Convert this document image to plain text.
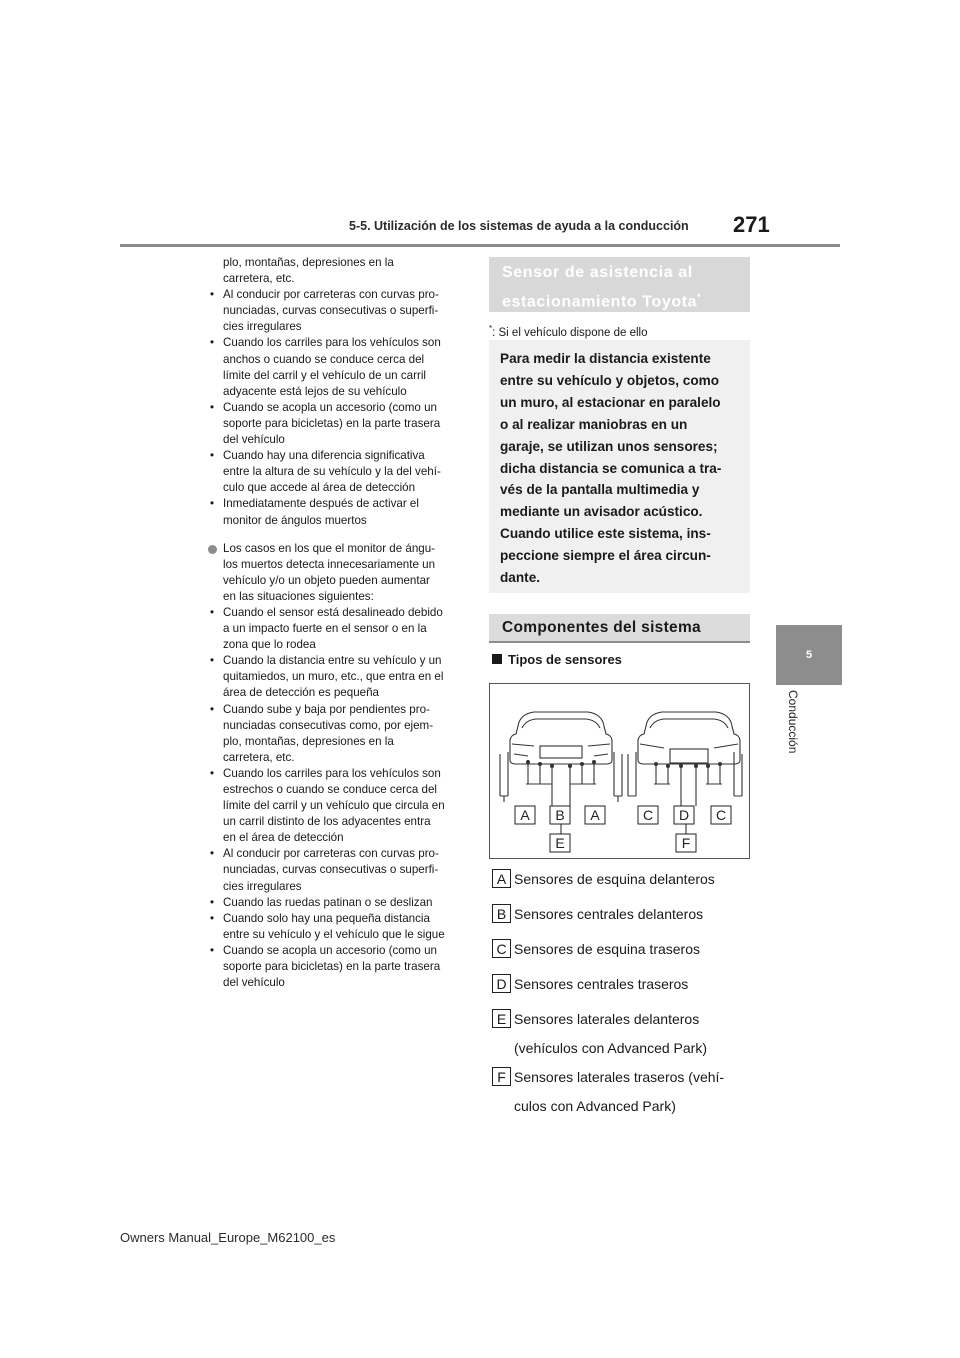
5-5. Utilización de los sistemas de ayuda a la conducción 271
5
Conducción

plo, montañas, depresiones en la

carretera, etc.

• Al conducir por carreteras con curvas pro-

nunciadas, curvas consecutivas o superfi-

cies irregulares

• Cuando los carriles para los vehículos son

anchos o cuando se conduce cerca del

límite del carril y el vehículo de un carril

adyacente está lejos de su vehículo

• Cuando se acopla un accesorio (como un

soporte para bicicletas) en la parte trasera

del vehículo

• Cuando hay una diferencia significativa

entre la altura de su vehículo y la del vehí-

culo que accede al área de detección

• Inmediatamente después de activar el

monitor de ángulos muertos

Los casos en los que el monitor de ángu-

los muertos detecta innecesariamente un

vehículo y/o un objeto pueden aumentar

en las situaciones siguientes:

• Cuando el sensor está desalineado debido

a un impacto fuerte en el sensor o en la

zona que lo rodea

• Cuando la distancia entre su vehículo y un

quitamiedos, un muro, etc., que entra en el

área de detección es pequeña

• Cuando sube y baja por pendientes pro-

nunciadas consecutivas como, por ejem-

plo, montañas, depresiones en la

carretera, etc.

• Cuando los carriles para los vehículos son

estrechos o cuando se conduce cerca del

límite del carril y un vehículo que circula en

un carril distinto de los adyacentes entra

en el área de detección

• Al conducir por carreteras con curvas pro-

nunciadas, curvas consecutivas o superfi-

cies irregulares

• Cuando las ruedas patinan o se deslizan

• Cuando solo hay una pequeña distancia

entre su vehículo y el vehículo que le sigue

• Cuando se acopla un accesorio (como un

soporte para bicicletas) en la parte trasera

del vehículo

Sensor de asistencia al
estacionamiento Toyota*
*: Si el vehículo dispone de ello

Para medir la distancia existente
entre su vehículo y objetos, como
un muro, al estacionar en paralelo
o al realizar maniobras en un
garaje, se utilizan unos sensores;
dicha distancia se comunica a tra-
vés de la pantalla multimedia y
mediante un avisador acústico.
Cuando utilice este sistema, ins-
peccione siempre el área circun-
dante.

Componentes del sistema
Tipos de sensores
A B A	C D C
E	F
A Sensores de esquina delanteros
B Sensores centrales delanteros
C Sensores de esquina traseros
D Sensores centrales traseros
E Sensores laterales delanteros
(vehículos con Advanced Park)
F Sensores laterales traseros (vehí-
culos con Advanced Park)
Owners Manual_Europe_M62100_es
